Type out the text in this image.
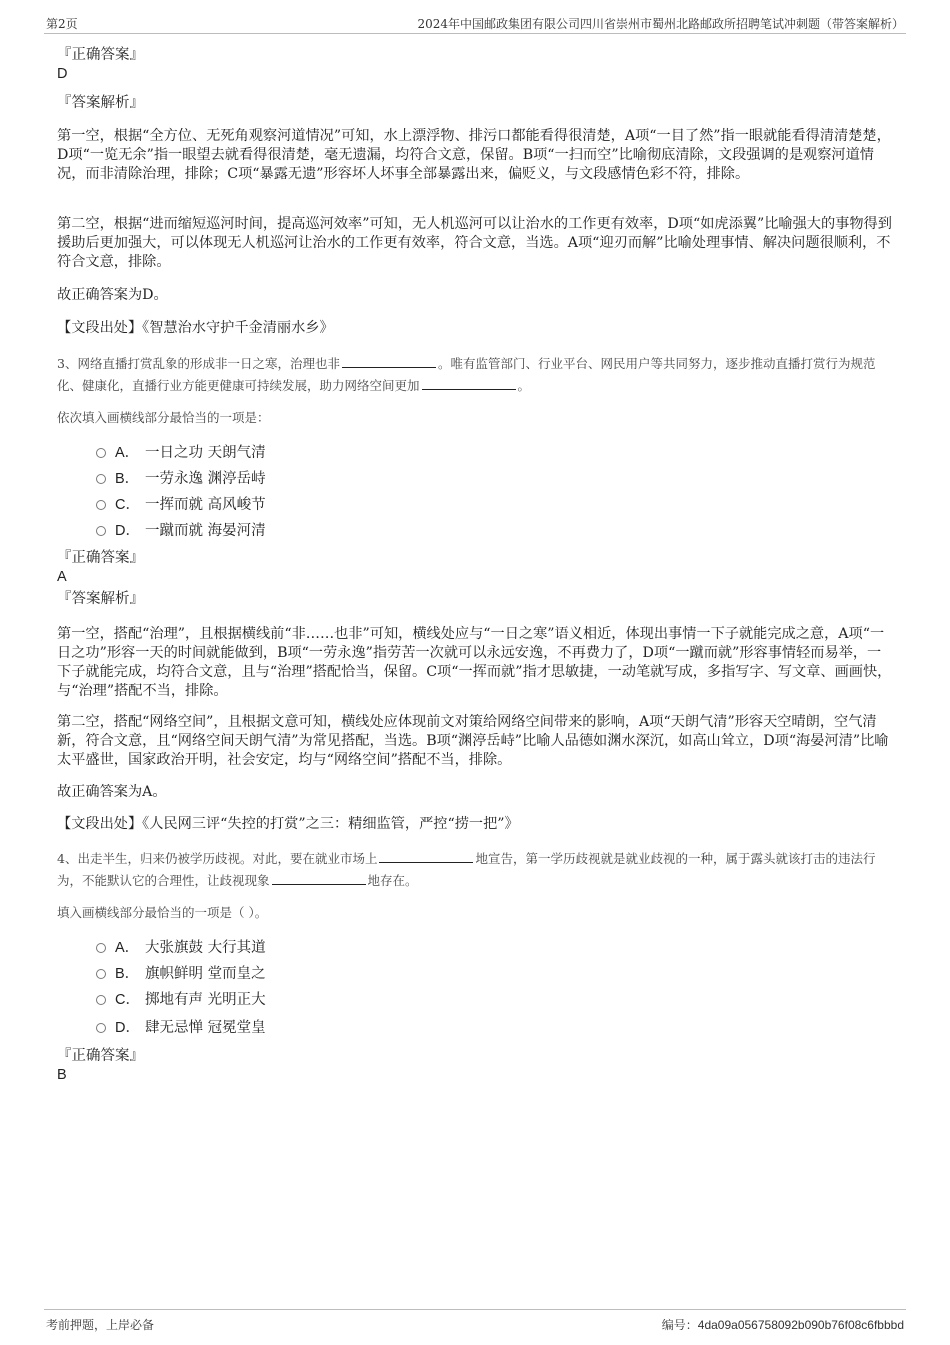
第2页	2024年中国邮政集团有限公司四川省崇州市蜀州北路邮政所招聘笔试冲刺题（带答案解析）
『正确答案』
D
『答案解析』
第一空，根据“全方位、无死角观察河道情况”可知，水上漂浮物、排污口都能看得很清楚，A项“一目了然”指一眼就能看得清清楚楚，D项“一览无余”指一眼望去就看得很清楚，毫无遗漏，均符合文意，保留。B项“一扫而空”比喻彻底清除，文段强调的是观察河道情况，而非清除治理，排除；C项“暴露无遗”形容坏人坏事全部暴露出来，偏贬义，与文段感情色彩不符，排除。
第二空，根据“进而缩短巡河时间，提高巡河效率”可知，无人机巡河可以让治水的工作更有效率，D项“如虎添翼”比喻强大的事物得到援助后更加强大，可以体现无人机巡河让治水的工作更有效率，符合文意，当选。A项“迎刃而解”比喻处理事情、解决问题很顺利，不符合文意，排除。
故正确答案为D。
【文段出处】《智慧治水守护千金清丽水乡》
3、网络直播打赏乱象的形成非一日之寒，治理也非	。唯有监管部门、行业平台、网民用户等共同努力，逐步推动直播打赏行为规范化、健康化，直播行业方能更健康可持续发展，助力网络空间更加	。
依次填入画横线部分最恰当的一项是：
A． 一日之功 天朗气清
B． 一劳永逸 渊渟岳峙
C． 一挥而就 高风峻节
D． 一蹴而就 海晏河清
『正确答案』
A
『答案解析』
第一空，搭配“治理”，且根据横线前“非……也非”可知，横线处应与“一日之寒”语义相近，体现出事情一下子就能完成之意，A项“一日之功”形容一天的时间就能做到，B项“一劳永逸”指劳苦一次就可以永远安逸，不再费力了，D项“一蹴而就”形容事情轻而易举，一下子就能完成，均符合文意，且与“治理”搭配恰当，保留。C项“一挥而就”指才思敏捷，一动笔就写成，多指写字、写文章、画画快，与“治理”搭配不当，排除。
第二空，搭配“网络空间”，且根据文意可知，横线处应体现前文对策给网络空间带来的影响，A项“天朗气清”形容天空晴朗，空气清新，符合文意，且“网络空间天朗气清”为常见搭配，当选。B项“渊渟岳峙”比喻人品德如渊水深沉，如高山耸立，D项“海晏河清”比喻太平盛世，国家政治开明，社会安定，均与“网络空间”搭配不当，排除。
故正确答案为A。
【文段出处】《人民网三评“失控的打赏”之三：精细监管，严控“捞一把”》
4、出走半生，归来仍被学历歧视。对此，要在就业市场上	地宣告，第一学历歧视就是就业歧视的一种，属于露头就该打击的违法行为，不能默认它的合理性，让歧视现象	地存在。
填入画横线部分最恰当的一项是（ ）。
A． 大张旗鼓 大行其道
B． 旗帜鲜明 堂而皇之
C． 掷地有声 光明正大
D． 肆无忌惮 冠冕堂皇
『正确答案』
B
考前押题，上岸必备	编号：4da09a056758092b090b76f08c6fbbbd
